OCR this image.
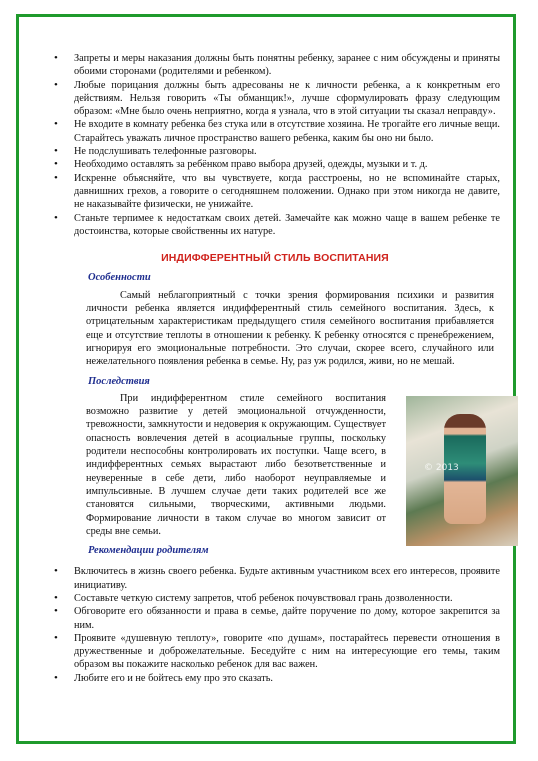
• Запреты и меры наказания должны быть понятны ребенку, заранее с ним обсуждены и приняты обоими сторонами (родителями и ребенком).
• Любые порицания должны быть адресованы не к личности ребенка, а к конкретным его действиям. Нельзя говорить «Ты обманщик!», лучше сформулировать фразу следующим образом: «Мне было очень неприятно, когда я узнала, что в этой ситуации ты сказал неправду».
• Не входите в комнату ребенка без стука или в отсутствие хозяина. Не трогайте его личные вещи. Старайтесь уважать личное пространство вашего ребенка, каким бы оно ни было.
• Не подслушивать телефонные разговоры.
• Необходимо оставлять за ребёнком право выбора друзей, одежды, музыки и т. д.
• Искренне объясняйте, что вы чувствуете, когда расстроены, но не вспоминайте старых, давнишних грехов, а говорите о сегодняшнем положении. Однако при этом никогда не давите, не наказывайте физически, не унижайте.
• Станьте терпимее к недостаткам своих детей. Замечайте как можно чаще в вашем ребенке те достоинства, которые свойственны их натуре.
ИНДИФФЕРЕНТНЫЙ СТИЛЬ ВОСПИТАНИЯ
Особенности
Самый неблагоприятный с точки зрения формирования психики и развития личности ребенка является индифферентный стиль семейного воспитания. Здесь, к отрицательным характеристикам предыдущего стиля семейного воспитания прибавляется еще и отсутствие теплоты в отношении к ребенку. К ребенку относятся с пренебрежением, игнорируя его эмоциональные потребности. Это случаи, скорее всего, случайного или нежелательного появления ребенка в семье. Ну, раз уж родился, живи, но не мешай.
Последствия
При индифферентном стиле семейного воспитания возможно развитие у детей эмоциональной отчужденности, тревожности, замкнутости и недоверия к окружающим. Существует опасность вовлечения детей в асоциальные группы, поскольку родители неспособны контролировать их поступки. Чаще всего, в индифферентных семьях вырастают либо безответственные и неуверенные в себе дети, либо наоборот неуправляемые и импульсивные. В лучшем случае дети таких родителей все же становятся сильными, творческими, активными людьми. Формирование личности в таком случае во многом зависит от среды вне семьи.
© 2013
Рекомендации родителям
• Включитесь в жизнь своего ребенка. Будьте активным участником всех его интересов, проявите инициативу.
• Составьте четкую систему запретов, чтоб ребенок почувствовал грань дозволенности.
• Обговорите его обязанности и права в семье, дайте поручение по дому, которое закрепится за ним.
• Проявите «душевную теплоту», говорите «по душам», постарайтесь перевести отношения в дружественные и доброжелательные. Беседуйте с ним на интересующие его темы, таким образом вы покажите насколько ребенок для вас важен.
• Любите его и не бойтесь ему про это сказать.
